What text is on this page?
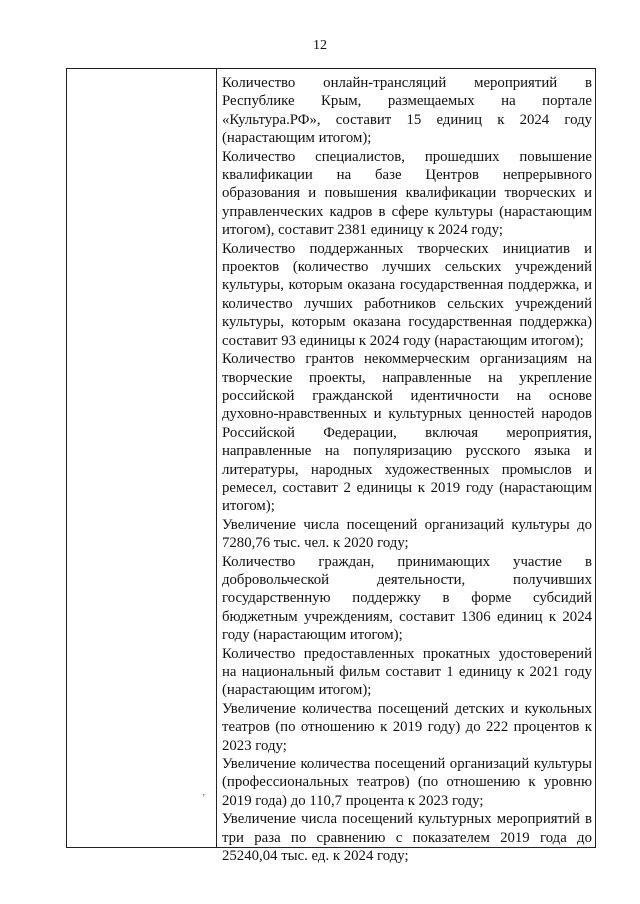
12

Количество онлайн-трансляций мероприятий в Республике Крым, размещаемых на портале «Культура.РФ», составит 15 единиц к 2024 году (нарастающим итогом);

Количество специалистов, прошедших повышение квалификации на базе Центров непрерывного образования и повышения квалификации творческих и управленческих кадров в сфере культуры (нарастающим итогом), составит 2381 единицу к 2024 году;

Количество поддержанных творческих инициатив и проектов (количество лучших сельских учреждений культуры, которым оказана государственная поддержка, и количество лучших работников сельских учреждений культуры, которым оказана государственная поддержка) составит 93 единицы к 2024 году (нарастающим итогом);

Количество грантов некоммерческим организациям на творческие проекты, направленные на укрепление российской гражданской идентичности на основе духовно-нравственных и культурных ценностей народов Российской Федерации, включая мероприятия, направленные на популяризацию русского языка и литературы, народных художественных промыслов и ремесел, составит 2 единицы к 2019 году (нарастающим итогом);

Увеличение числа посещений организаций культуры до 7280,76 тыс. чел. к 2020 году;

Количество граждан, принимающих участие в добровольческой деятельности, получивших государственную поддержку в форме субсидий бюджетным учреждениям, составит 1306 единиц к 2024 году (нарастающим итогом);

Количество предоставленных прокатных удостоверений на национальный фильм составит 1 единицу к 2021 году (нарастающим итогом);

Увеличение количества посещений детских и кукольных театров (по отношению к 2019 году) до 222 процентов к 2023 году;

Увеличение количества посещений организаций культуры (профессиональных театров) (по отношению к уровню 2019 года) до 110,7 процента к 2023 году;

Увеличение числа посещений культурных мероприятий в три раза по сравнению с показателем 2019 года до 25240,04 тыс. ед. к 2024 году;

ʼ
